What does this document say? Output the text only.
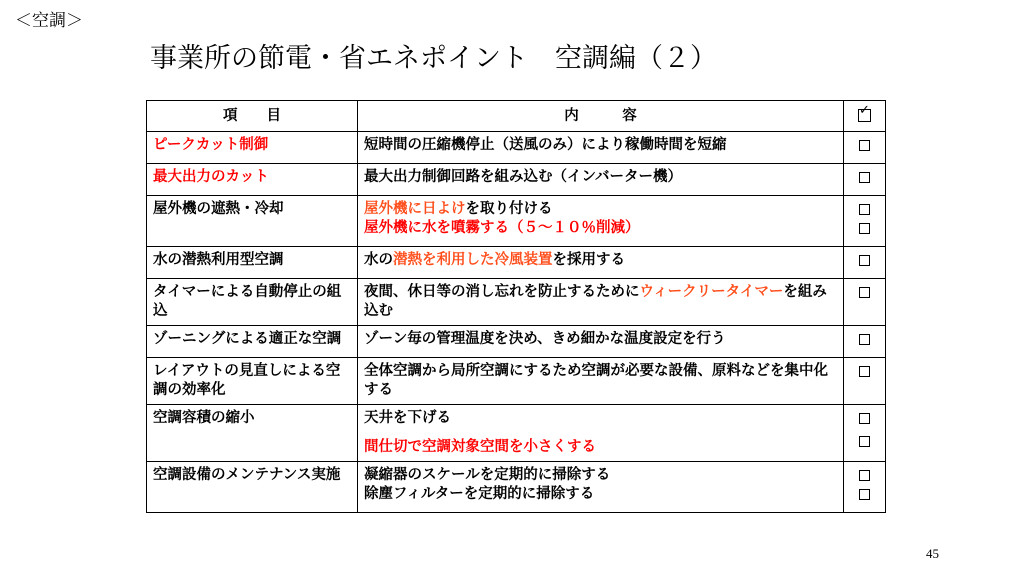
＜空調＞
事業所の節電・省エネポイント　空調編（２）
項　　目	内　　　容	✓

ピークカット制御	短時間の圧縮機停止（送風のみ）により稼働時間を短縮	

最大出力のカット	最大出力制御回路を組み込む（インバーター機）	

屋外機の遮熱・冷却	屋外機に日よけを取り付ける
屋外機に水を噴霧する（５～１０％削減）	

水の潜熱利用型空調	水の潜熱を利用した冷風装置を採用する	

タイマーによる自動停止の組込	夜間、休日等の消し忘れを防止するためにウィークリータイマーを組み込む	

ゾーニングによる適正な空調	ゾーン毎の管理温度を決め、きめ細かな温度設定を行う	

レイアウトの見直しによる空調の効率化	全体空調から局所空調にするため空調が必要な設備、原料などを集中化する	

空調容積の縮小	天井を下げる
間仕切で空調対象空間を小さくする	

空調設備のメンテナンス実施	凝縮器のスケールを定期的に掃除する
除塵フィルターを定期的に掃除する	

45
